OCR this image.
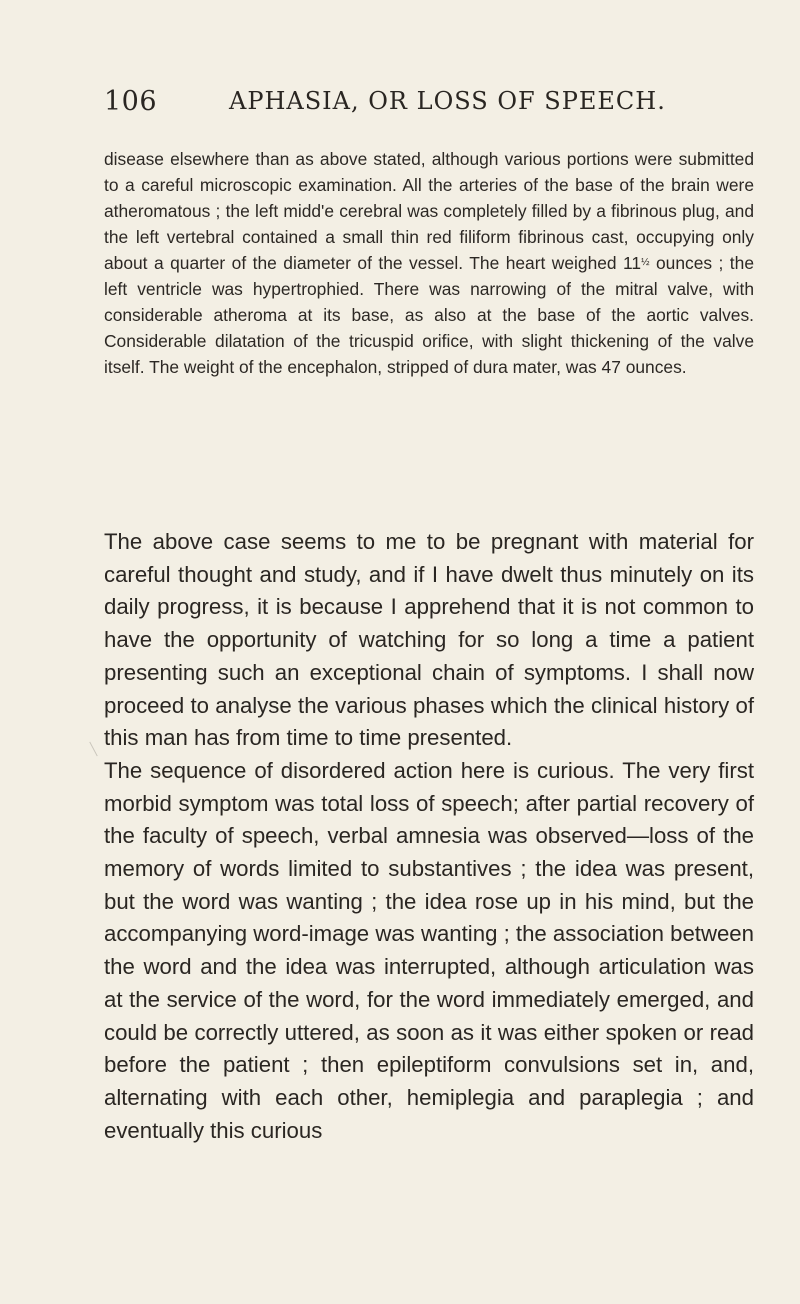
106	APHASIA, OR LOSS OF SPEECH.

disease elsewhere than as above stated, although various portions were submitted to a careful microscopic examination. All the arteries of the base of the brain were atheromatous ; the left midd'e cerebral was completely filled by a fibrinous plug, and the left vertebral contained a small thin red filiform fibrinous cast, occupying only about a quarter of the diameter of the vessel. The heart weighed 11½ ounces ; the left ventricle was hypertrophied. There was narrowing of the mitral valve, with considerable atheroma at its base, as also at the base of the aortic valves. Considerable dilatation of the tricuspid orifice, with slight thickening of the valve itself. The weight of the encephalon, stripped of dura mater, was 47 ounces.

The above case seems to me to be pregnant with material for careful thought and study, and if I have dwelt thus minutely on its daily progress, it is because I apprehend that it is not common to have the opportunity of watching for so long a time a patient presenting such an exceptional chain of symptoms. I shall now proceed to analyse the various phases which the clinical history of this man has from time to time presented.

The sequence of disordered action here is curious. The very first morbid symptom was total loss of speech; after partial recovery of the faculty of speech, verbal amnesia was observed—loss of the memory of words limited to substantives ; the idea was present, but the word was wanting ; the idea rose up in his mind, but the accompanying word-image was wanting ; the association between the word and the idea was interrupted, although articulation was at the service of the word, for the word immediately emerged, and could be correctly uttered, as soon as it was either spoken or read before the patient ; then epileptiform convulsions set in, and, alternating with each other, hemiplegia and paraplegia ; and eventually this curious
